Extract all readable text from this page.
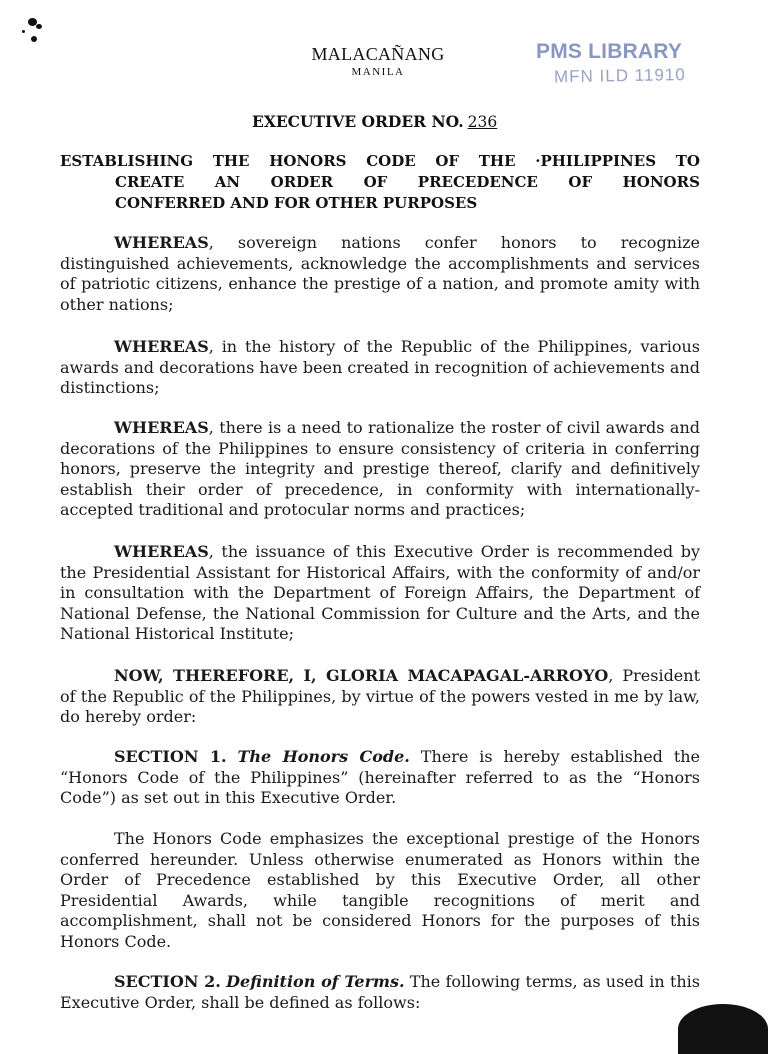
MALACAÑANG
MANILA
PMS LIBRARY
MFN ILD 11910
EXECUTIVE ORDER NO. 236
ESTABLISHING THE HONORS CODE OF THE ·PHILIPPINES TO
CREATE AN ORDER OF PRECEDENCE OF HONORS
CONFERRED AND FOR OTHER PURPOSES
WHEREAS, sovereign nations confer honors to recognize distinguished achievements, acknowledge the accomplishments and services of patriotic citizens, enhance the prestige of a nation, and promote amity with other nations;
WHEREAS, in the history of the Republic of the Philippines, various awards and decorations have been created in recognition of achievements and distinctions;
WHEREAS, there is a need to rationalize the roster of civil awards and decorations of the Philippines to ensure consistency of criteria in conferring honors, preserve the integrity and prestige thereof, clarify and definitively establish their order of precedence, in conformity with internationally-accepted traditional and protocular norms and practices;
WHEREAS, the issuance of this Executive Order is recommended by the Presidential Assistant for Historical Affairs, with the conformity of and/or in consultation with the Department of Foreign Affairs, the Department of National Defense, the National Commission for Culture and the Arts, and the National Historical Institute;
NOW, THEREFORE, I, GLORIA MACAPAGAL-ARROYO, President of the Republic of the Philippines, by virtue of the powers vested in me by law, do hereby order:
SECTION 1. The Honors Code. There is hereby established the “Honors Code of the Philippines” (hereinafter referred to as the “Honors Code”) as set out in this Executive Order.
The Honors Code emphasizes the exceptional prestige of the Honors conferred hereunder. Unless otherwise enumerated as Honors within the Order of Precedence established by this Executive Order, all other Presidential Awards, while tangible recognitions of merit and accomplishment, shall not be considered Honors for the purposes of this Honors Code.
SECTION 2. Definition of Terms. The following terms, as used in this Executive Order, shall be defined as follows:
